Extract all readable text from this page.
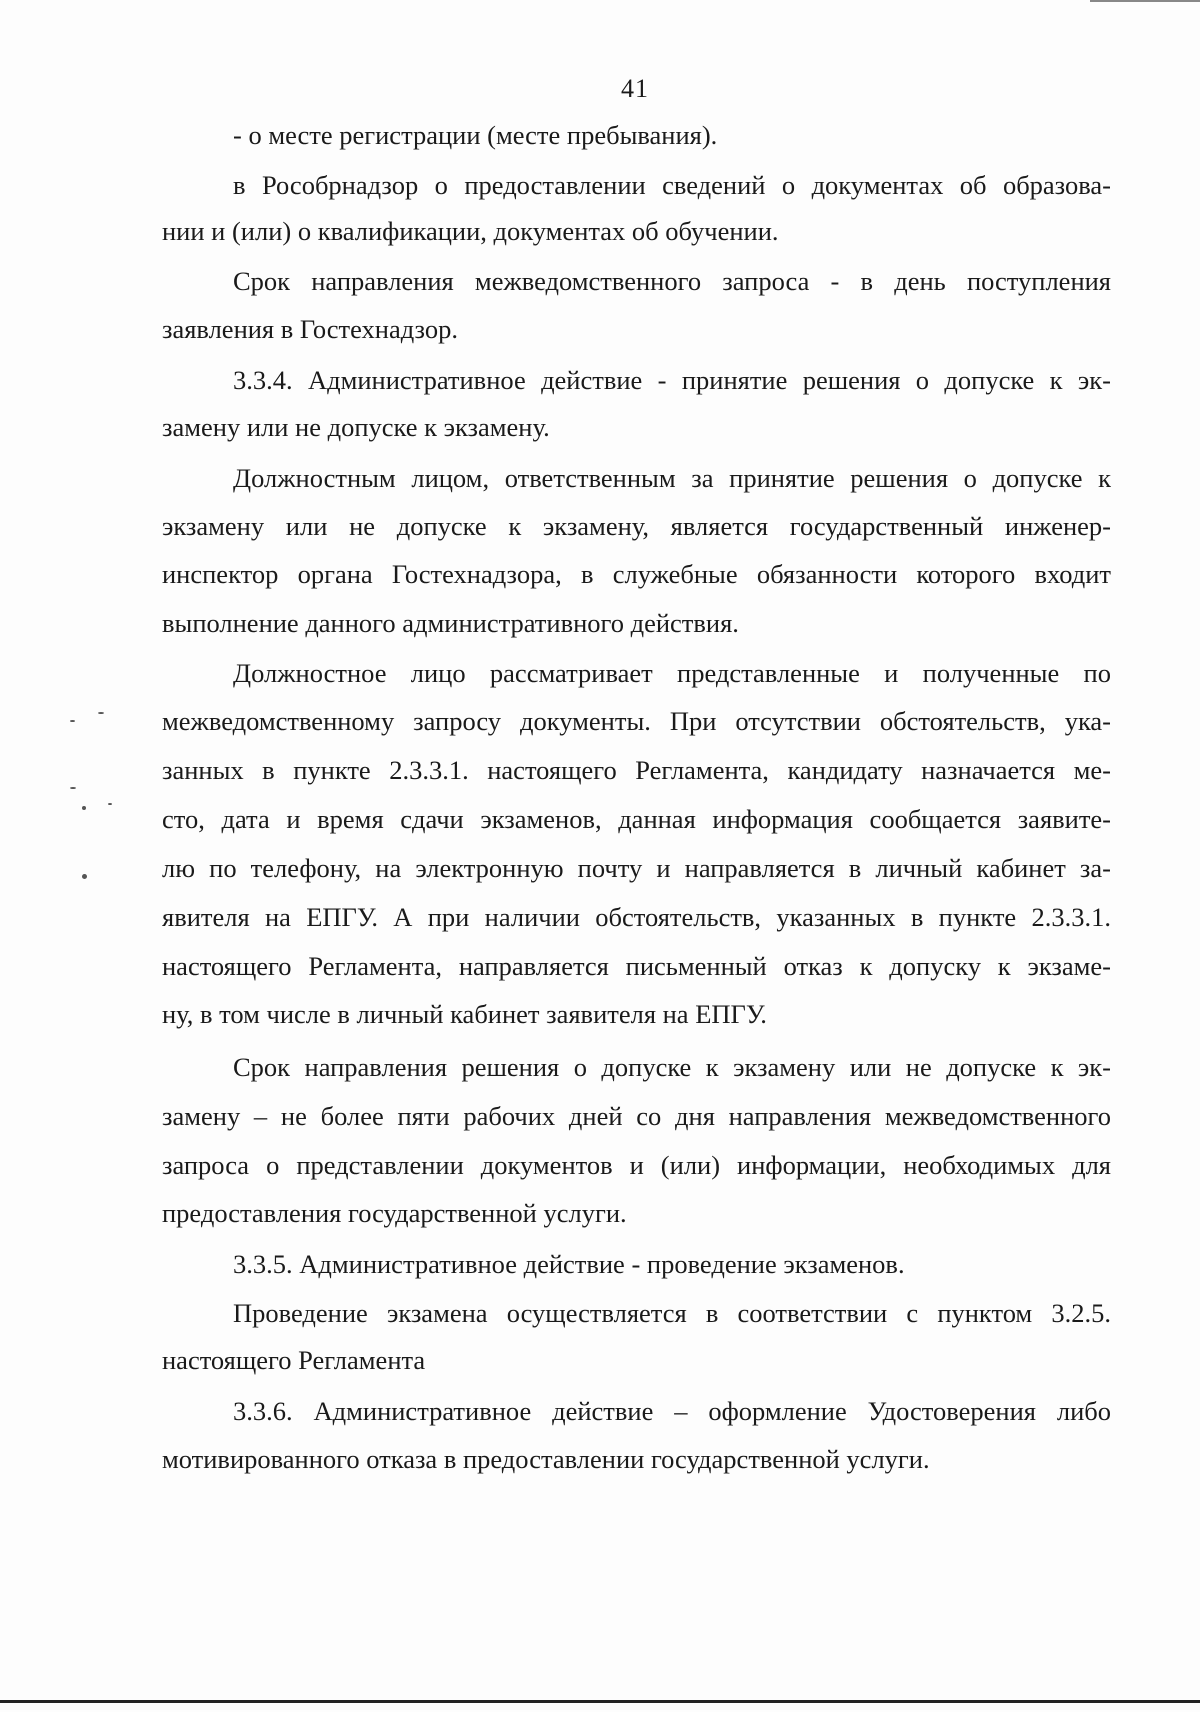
41
- о месте регистрации (месте пребывания).
в Рособрнадзор о предоставлении сведений о документах об образова-
нии и (или) о квалификации, документах об обучении.
Срок направления межведомственного запроса - в день поступления
заявления в Гостехнадзор.
3.3.4. Административное действие - принятие решения о допуске к эк-
замену или не допуске к экзамену.
Должностным лицом, ответственным за принятие решения о допуске к
экзамену или не допуске к экзамену, является государственный инженер-
инспектор органа Гостехнадзора, в служебные обязанности которого входит
выполнение данного административного действия.
Должностное лицо рассматривает представленные и полученные по
межведомственному запросу документы. При отсутствии обстоятельств, ука-
занных в пункте 2.3.3.1. настоящего Регламента, кандидату назначается ме-
сто, дата и время сдачи экзаменов, данная информация сообщается заявите-
лю по телефону, на электронную почту и направляется в личный кабинет за-
явителя на ЕПГУ. А при наличии обстоятельств, указанных в пункте 2.3.3.1.
настоящего Регламента, направляется письменный отказ к допуску к экзаме-
ну, в том числе в личный кабинет заявителя на ЕПГУ.
Срок направления решения о допуске к экзамену или не допуске к эк-
замену – не более пяти рабочих дней со дня направления межведомственного
запроса о представлении документов и (или) информации, необходимых для
предоставления государственной услуги.
3.3.5. Административное действие - проведение экзаменов.
Проведение экзамена осуществляется в соответствии с пунктом 3.2.5.
настоящего Регламента
3.3.6. Административное действие – оформление Удостоверения либо
мотивированного отказа в предоставлении государственной услуги.
